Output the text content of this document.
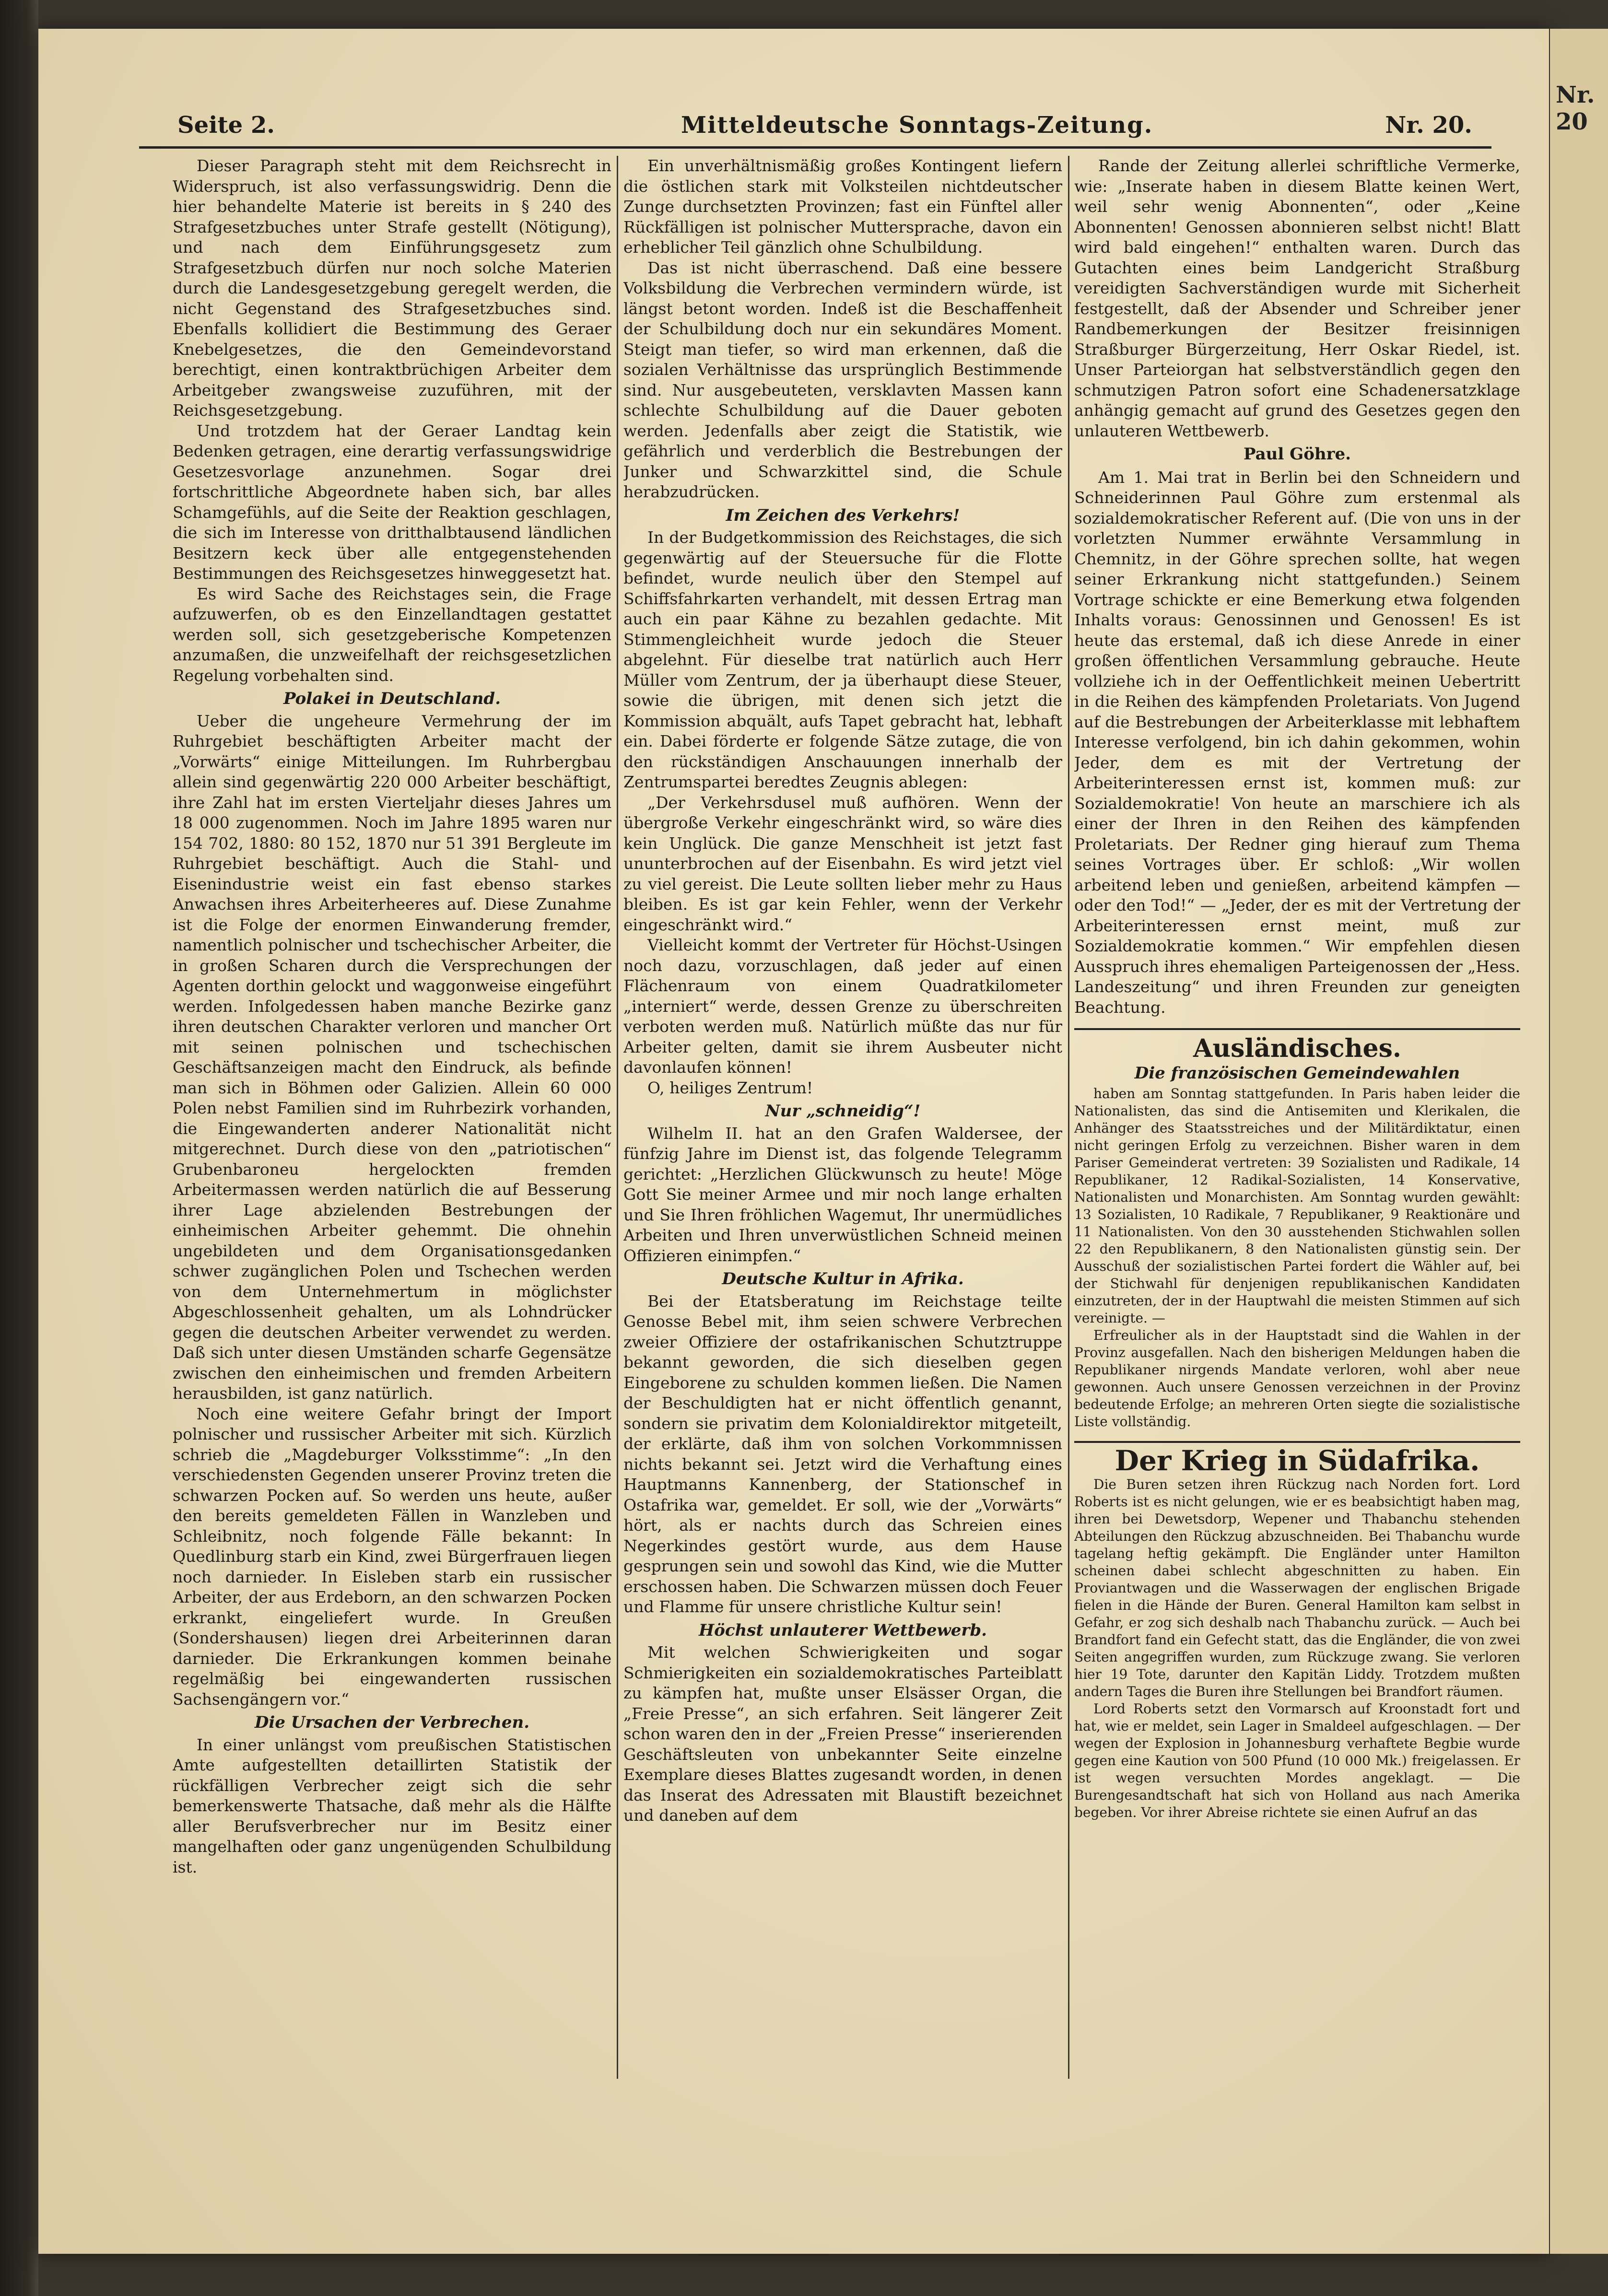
Nr. 20
Seite 2.	Mitteldeutsche Sonntags-Zeitung.	Nr. 20.

Dieser Paragraph steht mit dem Reichsrecht in Widerspruch, ist also verfassungswidrig. Denn die hier behandelte Materie ist bereits in § 240 des Strafgesetzbuches unter Strafe gestellt (Nötigung), und nach dem Einführungsgesetz zum Strafgesetzbuch dürfen nur noch solche Materien durch die Landesgesetzgebung geregelt werden, die nicht Gegenstand des Strafgesetzbuches sind. Ebenfalls kollidiert die Bestimmung des Geraer Knebelgesetzes, die den Gemeindevorstand berechtigt, einen kontraktbrüchigen Arbeiter dem Arbeitgeber zwangsweise zuzuführen, mit der Reichsgesetzgebung.

Und trotzdem hat der Geraer Landtag kein Bedenken getragen, eine derartig verfassungswidrige Gesetzesvorlage anzunehmen. Sogar drei fortschrittliche Abgeordnete haben sich, bar alles Schamgefühls, auf die Seite der Reaktion geschlagen, die sich im Interesse von dritthalbtausend ländlichen Besitzern keck über alle entgegenstehenden Bestimmungen des Reichsgesetzes hinweggesetzt hat.

Es wird Sache des Reichstages sein, die Frage aufzuwerfen, ob es den Einzellandtagen gestattet werden soll, sich gesetzgeberische Kompetenzen anzumaßen, die unzweifelhaft der reichsgesetzlichen Regelung vorbehalten sind.

Polakei in Deutschland.

Ueber die ungeheure Vermehrung der im Ruhrgebiet beschäftigten Arbeiter macht der „Vorwärts“ einige Mitteilungen. Im Ruhrbergbau allein sind gegenwärtig 220 000 Arbeiter beschäftigt, ihre Zahl hat im ersten Vierteljahr dieses Jahres um 18 000 zugenommen. Noch im Jahre 1895 waren nur 154 702, 1880: 80 152, 1870 nur 51 391 Bergleute im Ruhrgebiet beschäftigt. Auch die Stahl- und Eisenindustrie weist ein fast ebenso starkes Anwachsen ihres Arbeiterheeres auf. Diese Zunahme ist die Folge der enormen Einwanderung fremder, namentlich polnischer und tschechischer Arbeiter, die in großen Scharen durch die Versprechungen der Agenten dorthin gelockt und waggonweise eingeführt werden. Infolgedessen haben manche Bezirke ganz ihren deutschen Charakter verloren und mancher Ort mit seinen polnischen und tschechischen Geschäftsanzeigen macht den Eindruck, als befinde man sich in Böhmen oder Galizien. Allein 60 000 Polen nebst Familien sind im Ruhrbezirk vorhanden, die Eingewanderten anderer Nationalität nicht mitgerechnet. Durch diese von den „patriotischen“ Grubenbaroneu hergelockten fremden Arbeitermassen werden natürlich die auf Besserung ihrer Lage abzielenden Bestrebungen der einheimischen Arbeiter gehemmt. Die ohnehin ungebildeten und dem Organisationsgedanken schwer zugänglichen Polen und Tschechen werden von dem Unternehmertum in möglichster Abgeschlossenheit gehalten, um als Lohndrücker gegen die deutschen Arbeiter verwendet zu werden. Daß sich unter diesen Umständen scharfe Gegensätze zwischen den einheimischen und fremden Arbeitern herausbilden, ist ganz natürlich.

Noch eine weitere Gefahr bringt der Import polnischer und russischer Arbeiter mit sich. Kürzlich schrieb die „Magdeburger Volksstimme“: „In den verschiedensten Gegenden unserer Provinz treten die schwarzen Pocken auf. So werden uns heute, außer den bereits gemeldeten Fällen in Wanzleben und Schleibnitz, noch folgende Fälle bekannt: In Quedlinburg starb ein Kind, zwei Bürgerfrauen liegen noch darnieder. In Eisleben starb ein russischer Arbeiter, der aus Erdeborn, an den schwarzen Pocken erkrankt, eingeliefert wurde. In Greußen (Sondershausen) liegen drei Arbeiterinnen daran darnieder. Die Erkrankungen kommen beinahe regelmäßig bei eingewanderten russischen Sachsengängern vor.“

Die Ursachen der Verbrechen.

In einer unlängst vom preußischen Statistischen Amte aufgestellten detaillirten Statistik der rückfälligen Verbrecher zeigt sich die sehr bemerkenswerte Thatsache, daß mehr als die Hälfte aller Berufsverbrecher nur im Besitz einer mangelhaften oder ganz ungenügenden Schulbildung ist.

Ein unverhältnismäßig großes Kontingent liefern die östlichen stark mit Volksteilen nichtdeutscher Zunge durchsetzten Provinzen; fast ein Fünftel aller Rückfälligen ist polnischer Muttersprache, davon ein erheblicher Teil gänzlich ohne Schulbildung.

Das ist nicht überraschend. Daß eine bessere Volksbildung die Verbrechen vermindern würde, ist längst betont worden. Indeß ist die Beschaffenheit der Schulbildung doch nur ein sekundäres Moment. Steigt man tiefer, so wird man erkennen, daß die sozialen Verhältnisse das ursprünglich Bestimmende sind. Nur ausgebeuteten, versklavten Massen kann schlechte Schulbildung auf die Dauer geboten werden. Jedenfalls aber zeigt die Statistik, wie gefährlich und verderblich die Bestrebungen der Junker und Schwarzkittel sind, die Schule herabzudrücken.

Im Zeichen des Verkehrs!

In der Budgetkommission des Reichstages, die sich gegenwärtig auf der Steuersuche für die Flotte befindet, wurde neulich über den Stempel auf Schiffsfahrkarten verhandelt, mit dessen Ertrag man auch ein paar Kähne zu bezahlen gedachte. Mit Stimmengleichheit wurde jedoch die Steuer abgelehnt. Für dieselbe trat natürlich auch Herr Müller vom Zentrum, der ja überhaupt diese Steuer, sowie die übrigen, mit denen sich jetzt die Kommission abquält, aufs Tapet gebracht hat, lebhaft ein. Dabei förderte er folgende Sätze zutage, die von den rückständigen Anschauungen innerhalb der Zentrumspartei beredtes Zeugnis ablegen:

„Der Verkehrsdusel muß aufhören. Wenn der übergroße Verkehr eingeschränkt wird, so wäre dies kein Unglück. Die ganze Menschheit ist jetzt fast ununterbrochen auf der Eisenbahn. Es wird jetzt viel zu viel gereist. Die Leute sollten lieber mehr zu Haus bleiben. Es ist gar kein Fehler, wenn der Verkehr eingeschränkt wird.“

Vielleicht kommt der Vertreter für Höchst-Usingen noch dazu, vorzuschlagen, daß jeder auf einen Flächenraum von einem Quadratkilometer „interniert“ werde, dessen Grenze zu überschreiten verboten werden muß. Natürlich müßte das nur für Arbeiter gelten, damit sie ihrem Ausbeuter nicht davonlaufen können!

O, heiliges Zentrum!

Nur „schneidig“!

Wilhelm II. hat an den Grafen Waldersee, der fünfzig Jahre im Dienst ist, das folgende Telegramm gerichtet: „Herzlichen Glückwunsch zu heute! Möge Gott Sie meiner Armee und mir noch lange erhalten und Sie Ihren fröhlichen Wagemut, Ihr unermüdliches Arbeiten und Ihren unverwüstlichen Schneid meinen Offizieren einimpfen.“

Deutsche Kultur in Afrika.

Bei der Etatsberatung im Reichstage teilte Genosse Bebel mit, ihm seien schwere Verbrechen zweier Offiziere der ostafrikanischen Schutztruppe bekannt geworden, die sich dieselben gegen Eingeborene zu schulden kommen ließen. Die Namen der Beschuldigten hat er nicht öffentlich genannt, sondern sie privatim dem Kolonialdirektor mitgeteilt, der erklärte, daß ihm von solchen Vorkommnissen nichts bekannt sei. Jetzt wird die Verhaftung eines Hauptmanns Kannenberg, der Stationschef in Ostafrika war, gemeldet. Er soll, wie der „Vorwärts“ hört, als er nachts durch das Schreien eines Negerkindes gestört wurde, aus dem Hause gesprungen sein und sowohl das Kind, wie die Mutter erschossen haben. Die Schwarzen müssen doch Feuer und Flamme für unsere christliche Kultur sein!

Höchst unlauterer Wettbewerb.

Mit welchen Schwierigkeiten und sogar Schmierigkeiten ein sozialdemokratisches Parteiblatt zu kämpfen hat, mußte unser Elsässer Organ, die „Freie Presse“, an sich erfahren. Seit längerer Zeit schon waren den in der „Freien Presse“ inserierenden Geschäftsleuten von unbekannter Seite einzelne Exemplare dieses Blattes zugesandt worden, in denen das Inserat des Adressaten mit Blaustift bezeichnet und daneben auf dem

Rande der Zeitung allerlei schriftliche Vermerke, wie: „Inserate haben in diesem Blatte keinen Wert, weil sehr wenig Abonnenten“, oder „Keine Abonnenten! Genossen abonnieren selbst nicht! Blatt wird bald eingehen!“ enthalten waren. Durch das Gutachten eines beim Landgericht Straßburg vereidigten Sachverständigen wurde mit Sicherheit festgestellt, daß der Absender und Schreiber jener Randbemerkungen der Besitzer freisinnigen Straßburger Bürgerzeitung, Herr Oskar Riedel, ist. Unser Parteiorgan hat selbstverständlich gegen den schmutzigen Patron sofort eine Schadenersatzklage anhängig gemacht auf grund des Gesetzes gegen den unlauteren Wettbewerb.

Paul Göhre.

Am 1. Mai trat in Berlin bei den Schneidern und Schneiderinnen Paul Göhre zum erstenmal als sozialdemokratischer Referent auf. (Die von uns in der vorletzten Nummer erwähnte Versammlung in Chemnitz, in der Göhre sprechen sollte, hat wegen seiner Erkrankung nicht stattgefunden.) Seinem Vortrage schickte er eine Bemerkung etwa folgenden Inhalts voraus: Genossinnen und Genossen! Es ist heute das erstemal, daß ich diese Anrede in einer großen öffentlichen Versammlung gebrauche. Heute vollziehe ich in der Oeffentlichkeit meinen Uebertritt in die Reihen des kämpfenden Proletariats. Von Jugend auf die Bestrebungen der Arbeiterklasse mit lebhaftem Interesse verfolgend, bin ich dahin gekommen, wohin Jeder, dem es mit der Vertretung der Arbeiterinteressen ernst ist, kommen muß: zur Sozialdemokratie! Von heute an marschiere ich als einer der Ihren in den Reihen des kämpfenden Proletariats. Der Redner ging hierauf zum Thema seines Vortrages über. Er schloß: „Wir wollen arbeitend leben und genießen, arbeitend kämpfen — oder den Tod!“ — „Jeder, der es mit der Vertretung der Arbeiterinteressen ernst meint, muß zur Sozialdemokratie kommen.“ Wir empfehlen diesen Ausspruch ihres ehemaligen Parteigenossen der „Hess. Landeszeitung“ und ihren Freunden zur geneigten Beachtung.

Ausländisches.
Die französischen Gemeindewahlen

haben am Sonntag stattgefunden. In Paris haben leider die Nationalisten, das sind die Antisemiten und Klerikalen, die Anhänger des Staatsstreiches und der Militärdiktatur, einen nicht geringen Erfolg zu verzeichnen. Bisher waren in dem Pariser Gemeinderat vertreten: 39 Sozialisten und Radikale, 14 Republikaner, 12 Radikal-Sozialisten, 14 Konservative, Nationalisten und Monarchisten. Am Sonntag wurden gewählt: 13 Sozialisten, 10 Radikale, 7 Republikaner, 9 Reaktionäre und 11 Nationalisten. Von den 30 ausstehenden Stichwahlen sollen 22 den Republikanern, 8 den Nationalisten günstig sein. Der Ausschuß der sozialistischen Partei fordert die Wähler auf, bei der Stichwahl für denjenigen republikanischen Kandidaten einzutreten, der in der Hauptwahl die meisten Stimmen auf sich vereinigte. —

Erfreulicher als in der Hauptstadt sind die Wahlen in der Provinz ausgefallen. Nach den bisherigen Meldungen haben die Republikaner nirgends Mandate verloren, wohl aber neue gewonnen. Auch unsere Genossen verzeichnen in der Provinz bedeutende Erfolge; an mehreren Orten siegte die sozialistische Liste vollständig.

Der Krieg in Südafrika.

Die Buren setzen ihren Rückzug nach Norden fort. Lord Roberts ist es nicht gelungen, wie er es beabsichtigt haben mag, ihren bei Dewetsdorp, Wepener und Thabanchu stehenden Abteilungen den Rückzug abzuschneiden. Bei Thabanchu wurde tagelang heftig gekämpft. Die Engländer unter Hamilton scheinen dabei schlecht abgeschnitten zu haben. Ein Proviantwagen und die Wasserwagen der englischen Brigade fielen in die Hände der Buren. General Hamilton kam selbst in Gefahr, er zog sich deshalb nach Thabanchu zurück. — Auch bei Brandfort fand ein Gefecht statt, das die Engländer, die von zwei Seiten angegriffen wurden, zum Rückzuge zwang. Sie verloren hier 19 Tote, darunter den Kapitän Liddy. Trotzdem mußten andern Tages die Buren ihre Stellungen bei Brandfort räumen.

Lord Roberts setzt den Vormarsch auf Kroonstadt fort und hat, wie er meldet, sein Lager in Smaldeel aufgeschlagen. — Der wegen der Explosion in Johannesburg verhaftete Begbie wurde gegen eine Kaution von 500 Pfund (10 000 Mk.) freigelassen. Er ist wegen versuchten Mordes angeklagt. — Die Burengesandtschaft hat sich von Holland aus nach Amerika begeben. Vor ihrer Abreise richtete sie einen Aufruf an das
